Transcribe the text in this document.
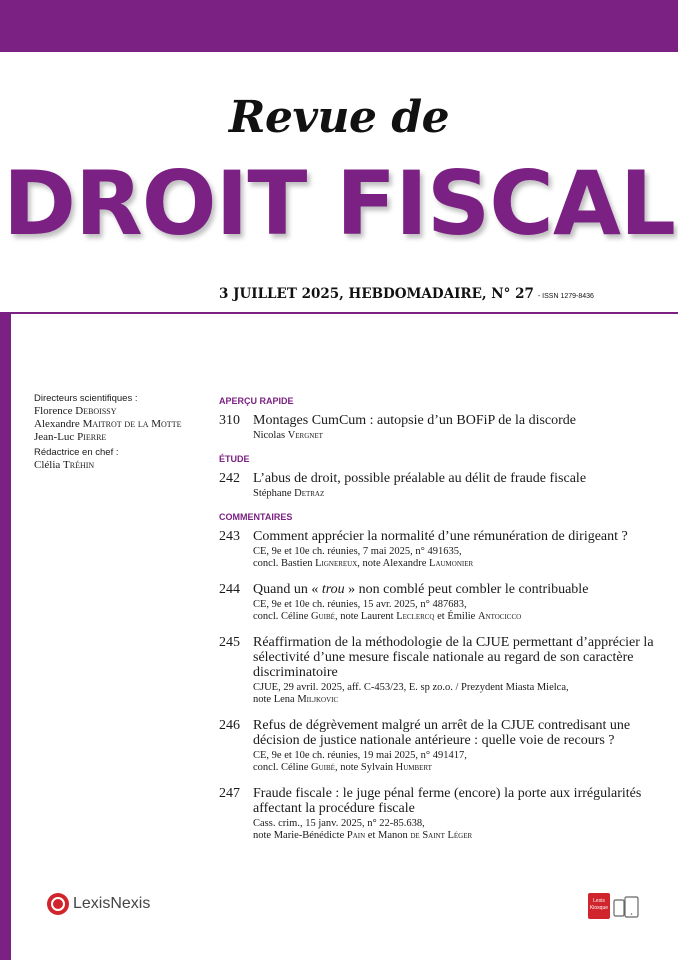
Revue de
DROIT FISCAL
3 JUILLET 2025, HEBDOMADAIRE, N° 27 - ISSN 1279-8436
Directeurs scientifiques :
Florence Deboissy
Alexandre Maitrot de la Motte
Jean-Luc Pierre
Rédactrice en chef :
Clélia Tréhin
APERÇU RAPIDE
310 Montages CumCum : autopsie d’un BOFiP de la discorde
Nicolas Vergnet
ÉTUDE
242 L’abus de droit, possible préalable au délit de fraude fiscale
Stéphane Detraz
COMMENTAIRES
243 Comment apprécier la normalité d’une rémunération de dirigeant ?
CE, 9e et 10e ch. réunies, 7 mai 2025, n° 491635,
concl. Bastien Lignereux, note Alexandre Laumonier
244 Quand un « trou » non comblé peut combler le contribuable
CE, 9e et 10e ch. réunies, 15 avr. 2025, n° 487683,
concl. Céline Guibé, note Laurent Leclercq et Émilie Antocicco
245 Réaffirmation de la méthodologie de la CJUE permettant d’apprécier la sélectivité d’une mesure fiscale nationale au regard de son caractère discriminatoire
CJUE, 29 avril. 2025, aff. C-453/23, E. sp zo.o. / Prezydent Miasta Mielca,
note Lena Miljkovic
246 Refus de dégrèvement malgré un arrêt de la CJUE contredisant une décision de justice nationale antérieure : quelle voie de recours ?
CE, 9e et 10e ch. réunies, 19 mai 2025, n° 491417,
concl. Céline Guibé, note Sylvain Humbert
247 Fraude fiscale : le juge pénal ferme (encore) la porte aux irrégularités affectant la procédure fiscale
Cass. crim., 15 janv. 2025, n° 22-85.638,
note Marie-Bénédicte Pain et Manon de Saint Léger
LexisNexis	Lexis
Kiosque
